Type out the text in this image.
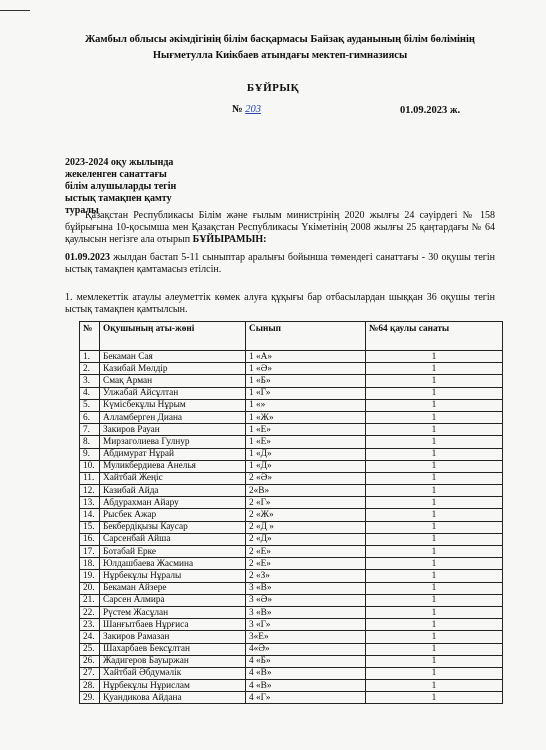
Жамбыл облысы әкімдігінің білім басқармасы Байзақ ауданының білім бөлімінің
Нығметулла Киікбаев атындағы мектеп-гимназиясы
БҰЙРЫҚ
№ 203	01.09.2023 ж.
2023-2024 оқу жылында жекеленген санаттағы білім алушыларды тегін ыстық тамақпен қамту туралы
Қазақстан Республикасы Білім және ғылым министрінің 2020 жылғы 24 сәуірдегі № 158 бұйрығына 10-қосымша мен Қазақстан Республикасы Үкіметінің 2008 жылғы 25 қаңтардағы № 64 қаулысын негізге ала отырып БҰЙЫРАМЫН:
01.09.2023 жылдан бастап 5-11 сыныптар аралығы бойынша төмендегі санаттағы - 30 оқушы тегін ыстық тамақпен қамтамасыз етілсін.
1. мемлекеттік атаулы әлеуметтік көмек алуға құқығы бар отбасылардан шыққан 36 оқушы тегін ыстық тамақпен қамтылсын.
№	Оқушының аты-жөні	Сынып	№64 қаулы санаты
1.	Бекаман Сая	1 «А»	1
2.	Казибай Мөлдір	1 «Ә»	1
3.	Смақ Арман	1 «Б»	1
4.	Улжабай Айсұлтан	1 «Г»	1
5.	Күмісбекұлы Нұрым	1 «»	1
6.	Алламберген Диана	1 «Ж»	1
7.	Закиров Рауан	1 «Е»	1
8.	Мирзаголиева Гулнур	1 «Е»	1
9.	Абдимурат Нұрай	1 «Д»	1
10.	Муликбердиева Анелья	1 «Д»	1
11.	Хайтбай Жеңіс	2 «Ә»	1
12.	Казибай Айда	2«В»	1
13.	Абдурахман Айару	2 «Г»	1
14.	Рысбек Ажар	2 «Ж»	1
15.	Бекбердіқызы Каусар	2 «Д »	1
16.	Сарсенбай Айша	2 «Д»	1
17.	Ботабай Ерке	2 «Е»	1
18.	Юлдашбаева Жасмина	2 «Е»	1
19.	Нұрбекұлы Нұралы	2 «З»	1
20.	Бекаман Айзере	3 «В»	1
21.	Сарсен Алмира	3 «Ә»	1
22.	Рүстем Жасұлан	3 «В»	1
23.	Шанғытбаев Нұрғиса	3 «Г»	1
24.	Закиров Рамазан	3«Е»	1
25.	Шахарбаев Бексұлтан	4«Ә»	1
26.	Жадигеров Бауыржан	4 «Б»	1
27.	Хайтбай Әбдумәлік	4 «В»	1
28.	Нұрбекұлы Нұрислам	4 «В»	1
29.	Қуандикова Айдана	4 «Г»	1
